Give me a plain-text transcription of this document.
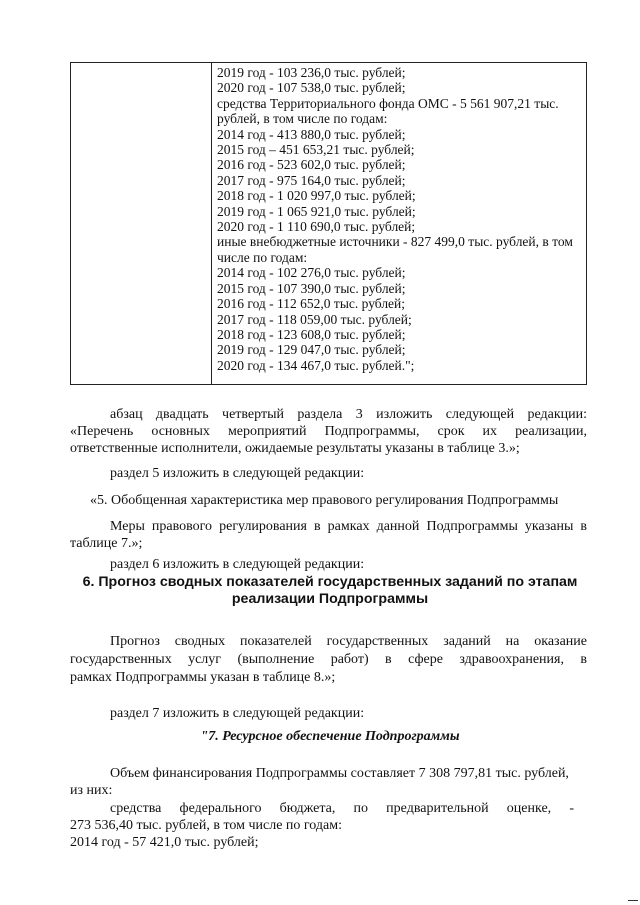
2019 год - 103 236,0 тыс. рублей;
2020 год - 107 538,0 тыс. рублей;
средства Территориального фонда ОМС - 5 561 907,21 тыс.
рублей, в том числе по годам:
2014 год - 413 880,0 тыс. рублей;
2015 год – 451 653,21 тыс. рублей;
2016 год - 523 602,0 тыс. рублей;
2017 год - 975 164,0 тыс. рублей;
2018 год - 1 020 997,0 тыс. рублей;
2019 год - 1 065 921,0 тыс. рублей;
2020 год - 1 110 690,0 тыс. рублей;
иные внебюджетные источники - 827 499,0 тыс. рублей, в том
числе по годам:
2014 год - 102 276,0 тыс. рублей;
2015 год - 107 390,0 тыс. рублей;
2016 год - 112 652,0 тыс. рублей;
2017 год - 118 059,00 тыс. рублей;
2018 год - 123 608,0 тыс. рублей;
2019 год - 129 047,0 тыс. рублей;
2020 год - 134 467,0 тыс. рублей.";
абзац двадцать четвертый раздела 3 изложить следующей редакции:
«Перечень основных мероприятий Подпрограммы, срок их реализации,
ответственные исполнители, ожидаемые результаты указаны в таблице 3.»;
раздел 5 изложить в следующей редакции:
«5. Обобщенная характеристика мер правового регулирования Подпрограммы
Меры правового регулирования в рамках данной Подпрограммы указаны в
таблице 7.»;
раздел 6 изложить в следующей редакции:
6. Прогноз сводных показателей государственных заданий по этапам
реализации Подпрограммы
Прогноз сводных показателей государственных заданий на оказание
государственных услуг (выполнение работ) в сфере здравоохранения, в
рамках Подпрограммы указан в таблице 8.»;
раздел 7 изложить в следующей редакции:
"7. Ресурсное обеспечение Подпрограммы
Объем финансирования Подпрограммы составляет 7 308 797,81 тыс. рублей,
из них:
средства федерального бюджета, по предварительной оценке, -
273 536,40 тыс. рублей, в том числе по годам:
2014 год - 57 421,0 тыс. рублей;
